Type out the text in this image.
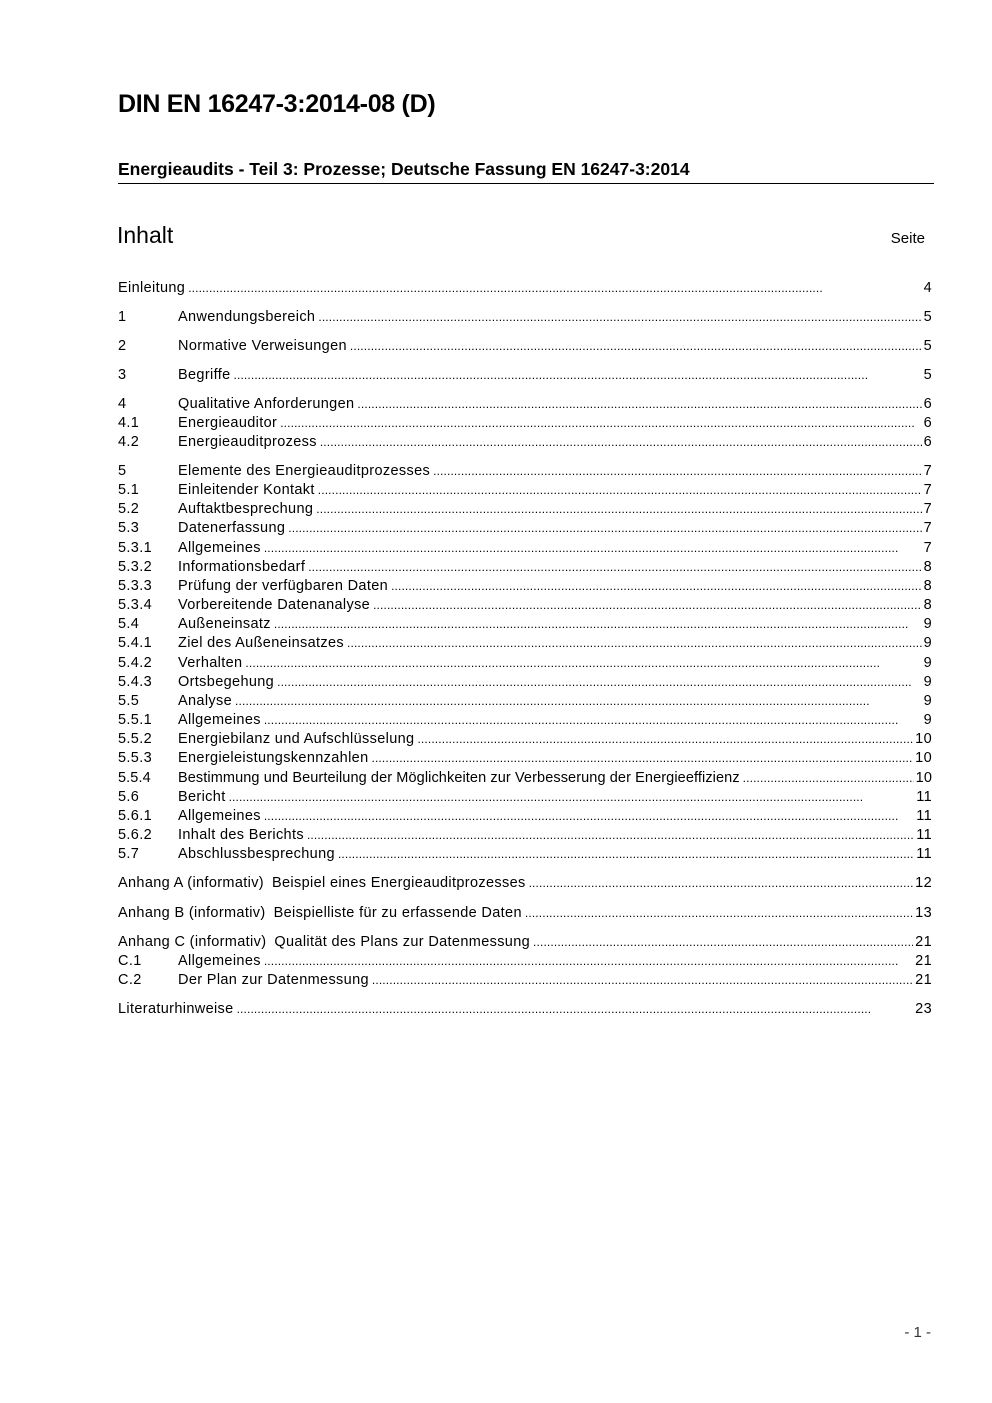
DIN EN 16247-3:2014-08 (D)
Energieaudits - Teil 3: Prozesse; Deutsche Fassung EN 16247-3:2014
Inhalt	Seite
Einleitung . . .	4
1	Anwendungsbereich . . .	5
2	Normative Verweisungen . . .	5
3	Begriffe . . .	5
4	Qualitative Anforderungen . . .	6
4.1	Energieauditor . . .	6
4.2	Energieauditprozess . . .	6
5	Elemente des Energieauditprozesses . . .	7
5.1	Einleitender Kontakt . . .	7
5.2	Auftaktbesprechung . . .	7
5.3	Datenerfassung . . .	7
5.3.1	Allgemeines . . .	7
5.3.2	Informationsbedarf . . .	8
5.3.3	Prüfung der verfügbaren Daten . . .	8
5.3.4	Vorbereitende Datenanalyse . . .	8
5.4	Außeneinsatz . . .	9
5.4.1	Ziel des Außeneinsatzes . . .	9
5.4.2	Verhalten . . .	9
5.4.3	Ortsbegehung . . .	9
5.5	Analyse . . .	9
5.5.1	Allgemeines . . .	9
5.5.2	Energiebilanz und Aufschlüsselung . . .	10
5.5.3	Energieleistungskennzahlen . . .	10
5.5.4	Bestimmung und Beurteilung der Möglichkeiten zur Verbesserung der Energieeffizienz . . .	10
5.6	Bericht . . .	11
5.6.1	Allgemeines . . .	11
5.6.2	Inhalt des Berichts . . .	11
5.7	Abschlussbesprechung . . .	11
Anhang A (informativ) Beispiel eines Energieauditprozesses . . .	12
Anhang B (informativ) Beispielliste für zu erfassende Daten . . .	13
Anhang C (informativ) Qualität des Plans zur Datenmessung . . .	21
C.1	Allgemeines . . .	21
C.2	Der Plan zur Datenmessung . . .	21
Literaturhinweise . . .	23
- 1 -
